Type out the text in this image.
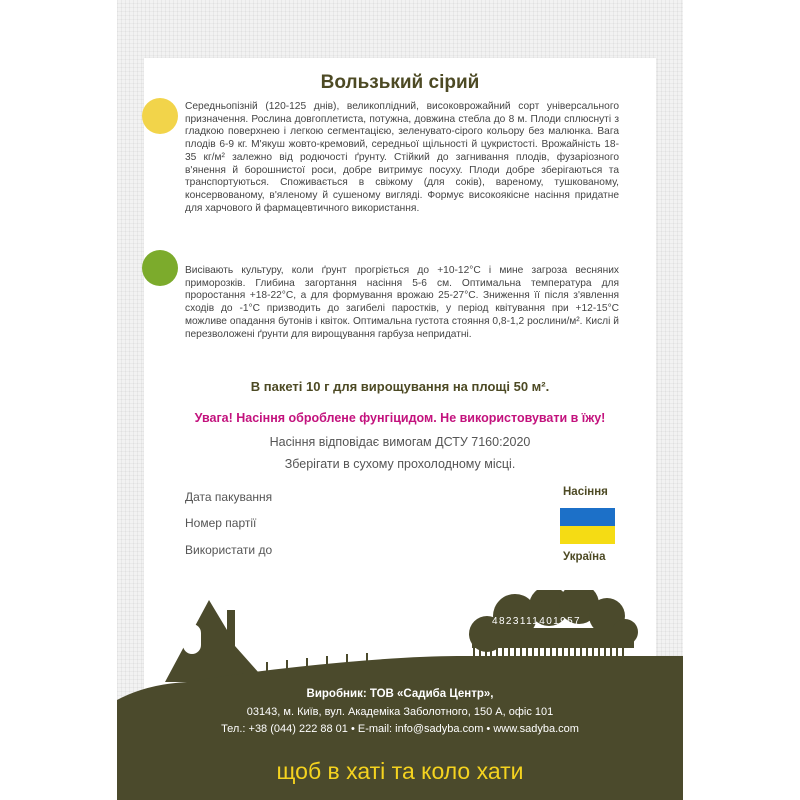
Вользький сірий

Середньопізній (120-125 днів), великоплідний, високоврожайний сорт універсального призначення. Рослина довгоплетиста, потужна, довжина стебла до 8 м. Плоди сплюснуті з гладкою поверхнею і легкою сегментацією, зеленувато-сірого кольору без малюнка. Вага плодів 6-9 кг. М'якуш жовто-кремовий, середньої щільності й цукристості. Врожайність 18-35 кг/м² залежно від родючості ґрунту. Стійкий до загнивання плодів, фузаріозного в'янення й борошнистої роси, добре витримує посуху. Плоди добре зберігаються та транспортуються. Споживається в свіжому (для соків), вареному, тушкованому, консервованому, в'яленому й сушеному вигляді. Формує високоякісне насіння придатне для харчового й фармацевтичного використання.

Висівають культуру, коли ґрунт прогріється до +10-12°C і мине загроза весняних приморозків. Глибина загортання насіння 5-6 см. Оптимальна температура для проростання +18-22°C, а для формування врожаю 25-27°C. Зниження її після з'явлення сходів до -1°C призводить до загибелі паростків, у період квітування при +12-15°C можливе опадання бутонів і квіток. Оптимальна густота стояння 0,8-1,2 рослини/м². Кислі й перезволожені ґрунти для вирощування гарбуза непридатні.

В пакеті 10 г для вирощування на площі 50 м².

Увага! Насіння оброблене фунгіцидом. Не використовувати в їжу!

Насіння відповідає вимогам ДСТУ 7160:2020

Зберігати в сухому прохолодному місці.

Дата пакування
Номер партії
Використати до
Насіння
Україна
4823111401957

Виробник: ТОВ «Садиба Центр»,

03143, м. Київ, вул. Академіка Заболотного, 150 А, офіс 101

Тел.: +38 (044) 222 88 01 • E-mail: info@sadyba.com • www.sadyba.com

щоб в хаті та коло хати
